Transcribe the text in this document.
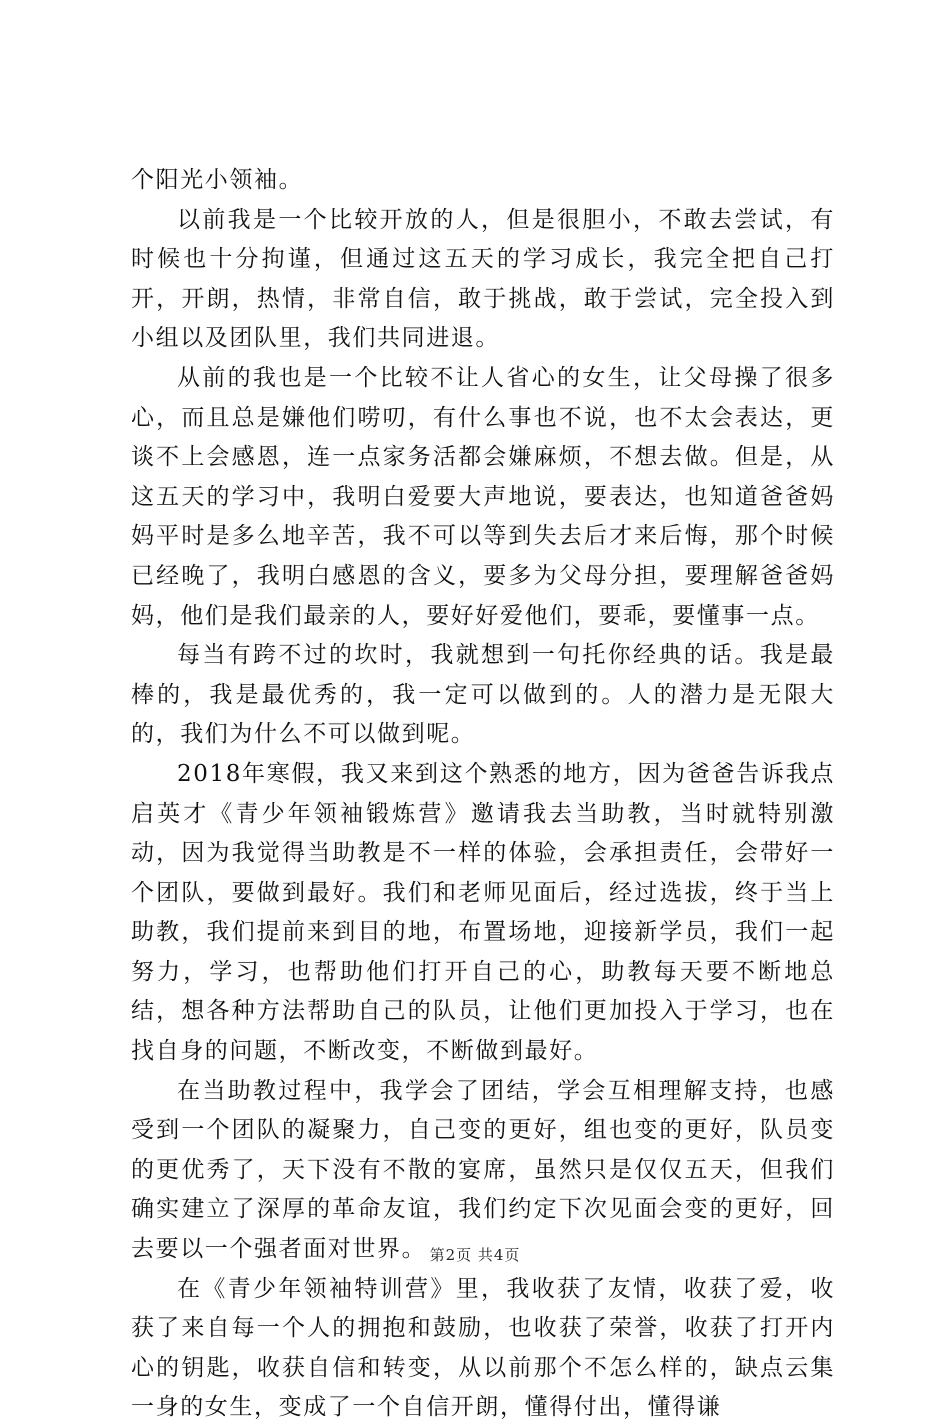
个阳光小领袖。

以前我是一个比较开放的人，但是很胆小，不敢去尝试，有时候也十分拘谨，但通过这五天的学习成长，我完全把自己打开，开朗，热情，非常自信，敢于挑战，敢于尝试，完全投入到小组以及团队里，我们共同进退。

从前的我也是一个比较不让人省心的女生，让父母操了很多心，而且总是嫌他们唠叨，有什么事也不说，也不太会表达，更谈不上会感恩，连一点家务活都会嫌麻烦，不想去做。但是，从这五天的学习中，我明白爱要大声地说，要表达，也知道爸爸妈妈平时是多么地辛苦，我不可以等到失去后才来后悔，那个时候已经晚了，我明白感恩的含义，要多为父母分担，要理解爸爸妈妈，他们是我们最亲的人，要好好爱他们，要乖，要懂事一点。

每当有跨不过的坎时，我就想到一句托你经典的话。我是最棒的，我是最优秀的，我一定可以做到的。人的潜力是无限大的，我们为什么不可以做到呢。

2018年寒假，我又来到这个熟悉的地方，因为爸爸告诉我点启英才《青少年领袖锻炼营》邀请我去当助教，当时就特别激动，因为我觉得当助教是不一样的体验，会承担责任，会带好一个团队，要做到最好。我们和老师见面后，经过选拔，终于当上助教，我们提前来到目的地，布置场地，迎接新学员，我们一起努力，学习，也帮助他们打开自己的心，助教每天要不断地总结，想各种方法帮助自己的队员，让他们更加投入于学习，也在找自身的问题，不断改变，不断做到最好。

在当助教过程中，我学会了团结，学会互相理解支持，也感受到一个团队的凝聚力，自己变的更好，组也变的更好，队员变的更优秀了，天下没有不散的宴席，虽然只是仅仅五天，但我们确实建立了深厚的革命友谊，我们约定下次见面会变的更好，回去要以一个强者面对世界。

在《青少年领袖特训营》里，我收获了友情，收获了爱，收获了来自每一个人的拥抱和鼓励，也收获了荣誉，收获了打开内心的钥匙，收获自信和转变，从以前那个不怎么样的，缺点云集一身的女生，变成了一个自信开朗，懂得付出，懂得谦

第2页 共4页
